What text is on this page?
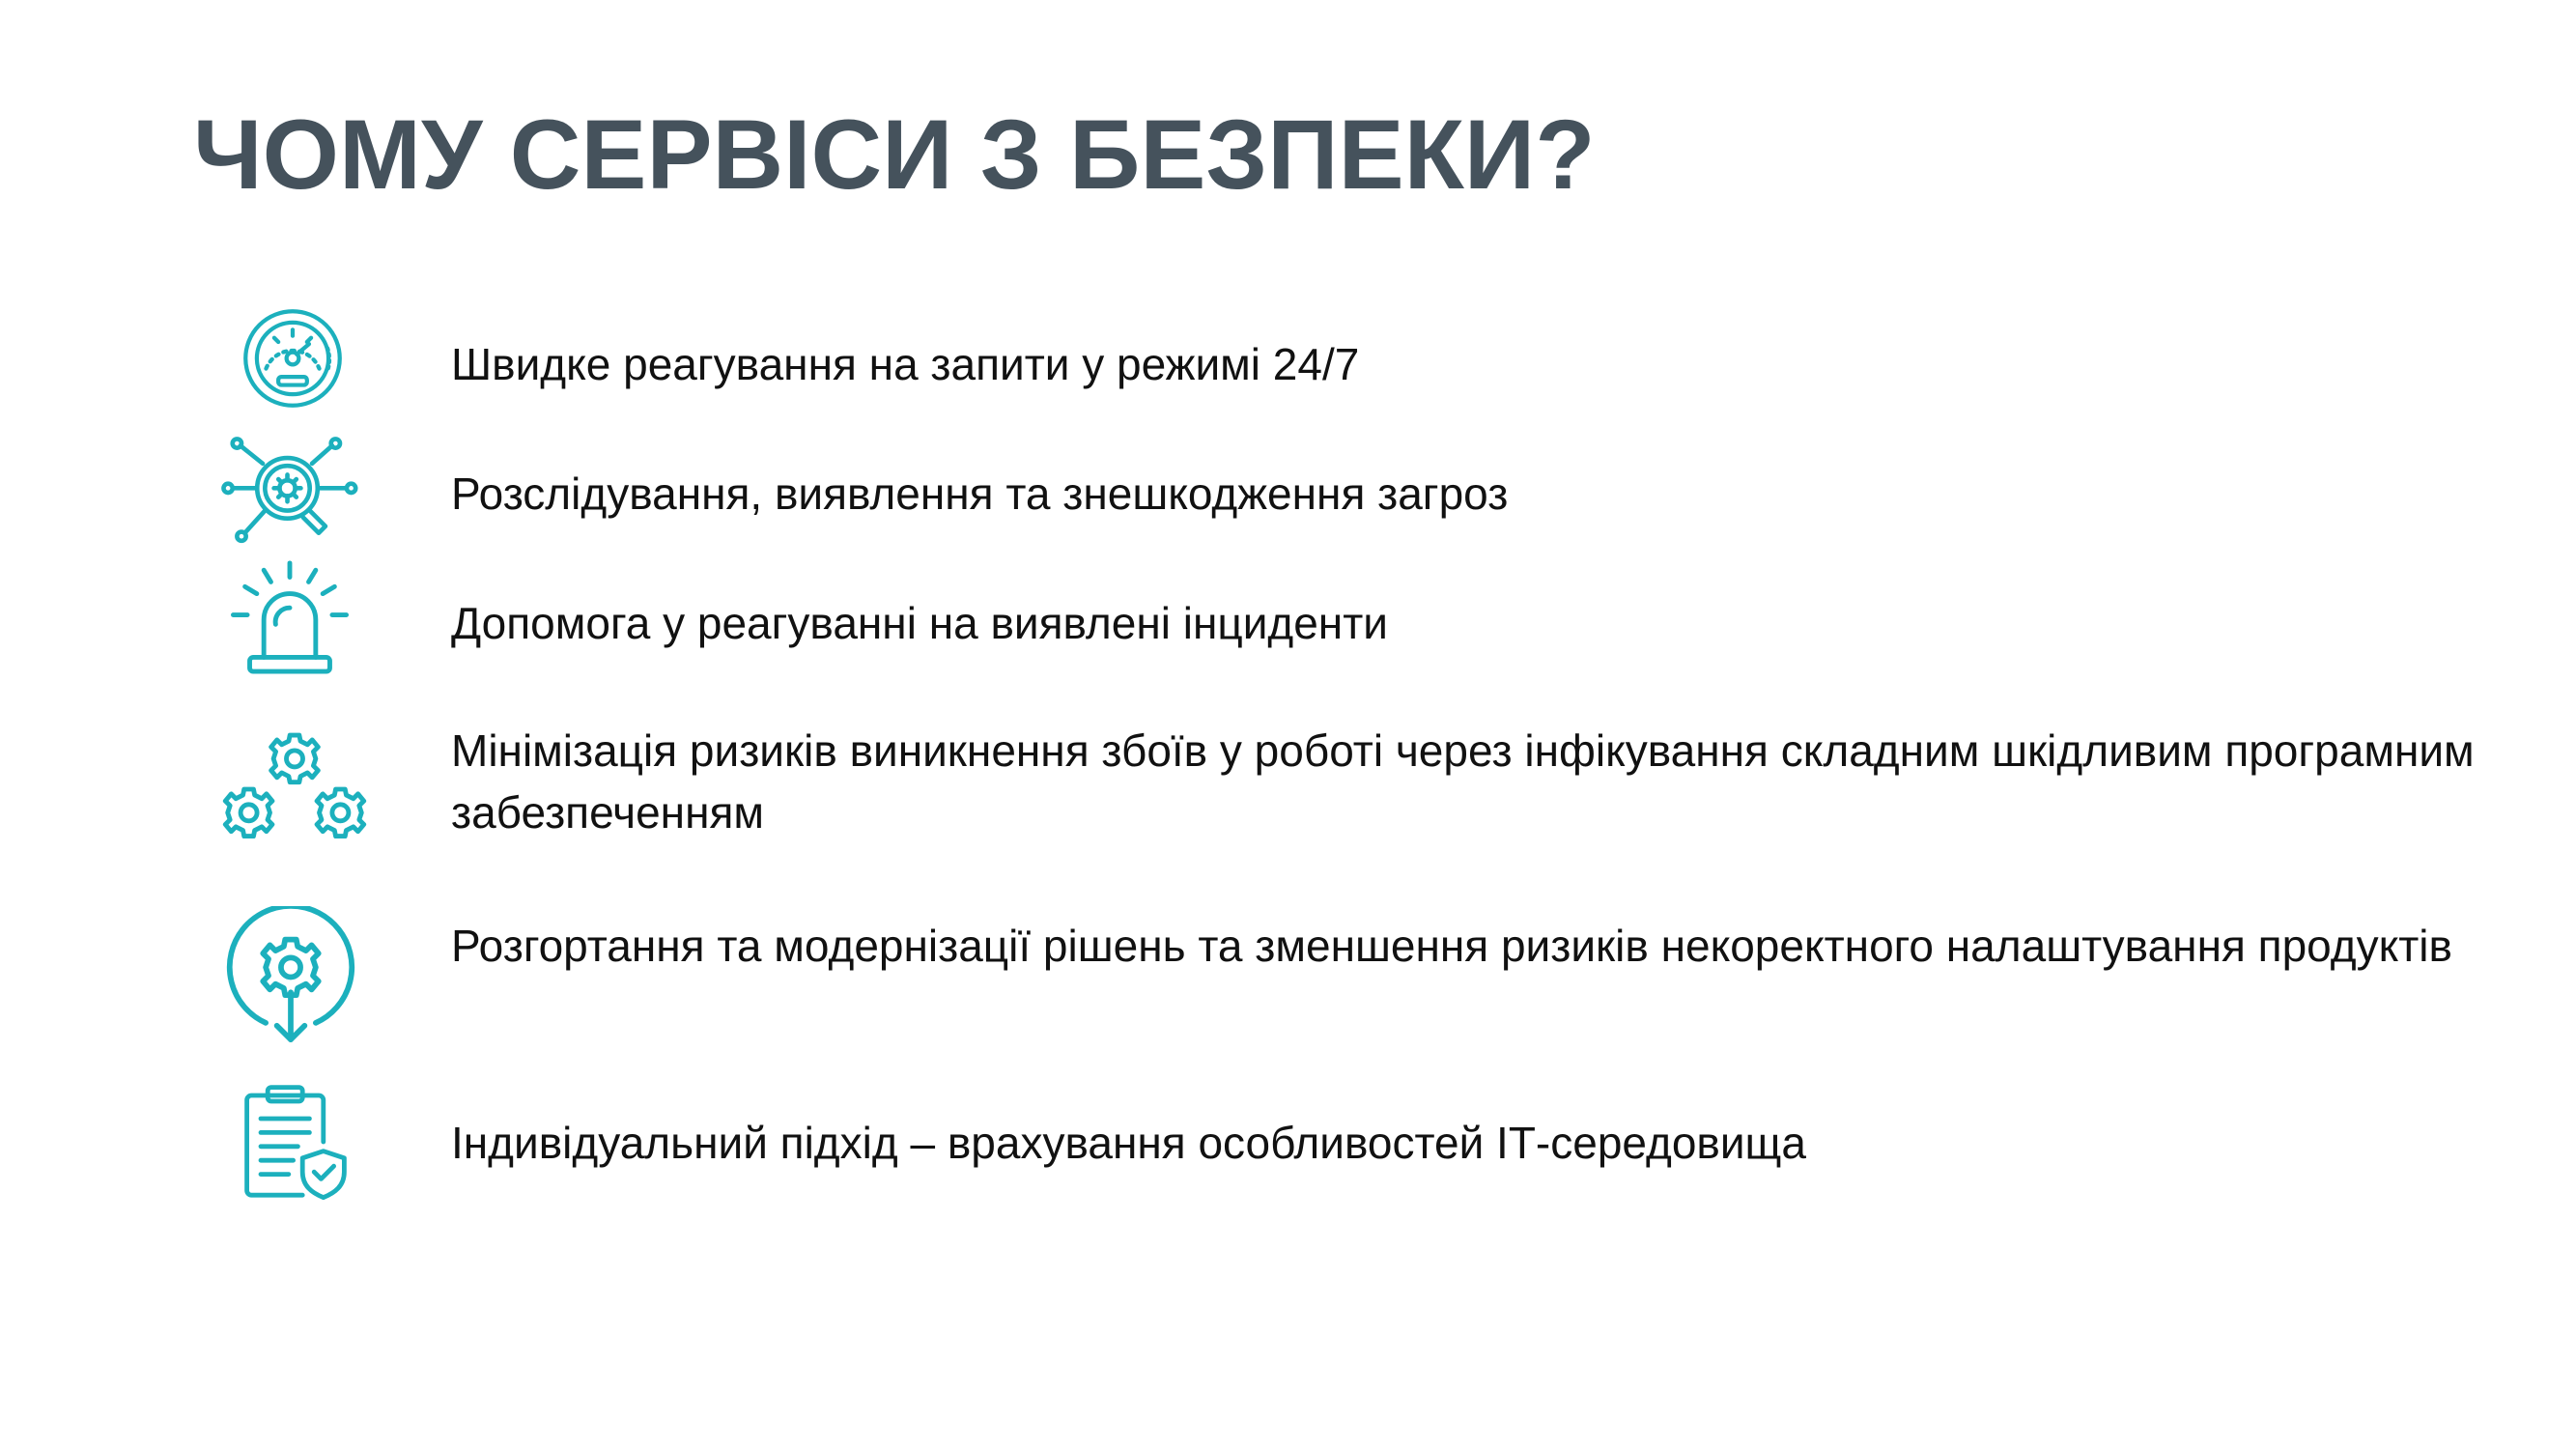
ЧОМУ СЕРВІСИ З БЕЗПЕКИ?

Швидке реагування на запити у режимі 24/7

Розслідування, виявлення та знешкодження загроз

Допомога у реагуванні на виявлені інциденти

Мінімізація ризиків виникнення збоїв у роботі через інфікування складним шкідливим програмним забезпеченням

Розгортання та модернізації рішень та зменшення ризиків некоректного налаштування продуктів

Індивідуальний підхід – врахування особливостей ІТ-середовища
